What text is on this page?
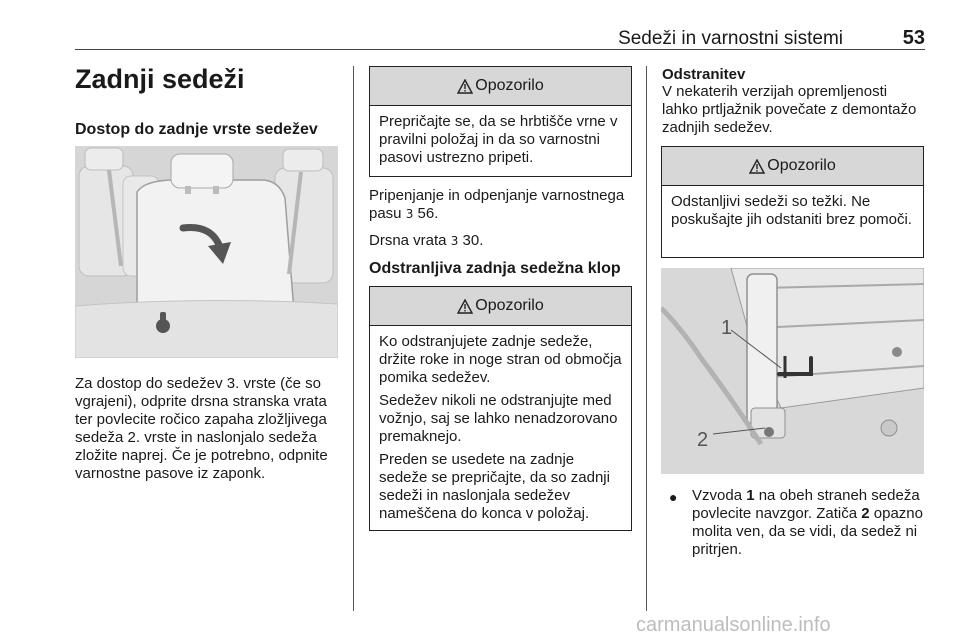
Sedeži in varnostni sistemi	53
Zadnji sedeži
Dostop do zadnje vrste sedežev
Za dostop do sedežev 3. vrste (če so vgrajeni), odprite drsna stranska vrata ter povlecite ročico zapaha zložljivega sedeža 2. vrste in naslonjalo sedeža zložite naprej. Če je potrebno, odpnite varnostne pasove iz zaponk.
Opozorilo
Prepričajte se, da se hrbtišče vrne v pravilni položaj in da so varnostni pasovi ustrezno pripeti.
Pripenjanje in odpenjanje varnostnega pasu 3 56.
Drsna vrata 3 30.
Odstranljiva zadnja sedežna klop
Opozorilo

Ko odstranjujete zadnje sedeže, držite roke in noge stran od območja pomika sedežev.

Sedežev nikoli ne odstranjujte med vožnjo, saj se lahko nenadzorovano premaknejo.

Preden se usedete na zadnje sedeže se prepričajte, da so zadnji sedeži in naslonjala sedežev nameščena do konca v položaj.

Odstranitev
V nekaterih verzijah opremljenosti lahko prtljažnik povečate z demontažo zadnjih sedežev.
Opozorilo
Odstanljivi sedeži so težki. Ne poskušajte jih odstaniti brez pomoči.
1
2
● Vzvoda 1 na obeh straneh sedeža povlecite navzgor. Zatiča 2 opazno molita ven, da se vidi, da sedež ni pritrjen.
carmanualsonline.info
